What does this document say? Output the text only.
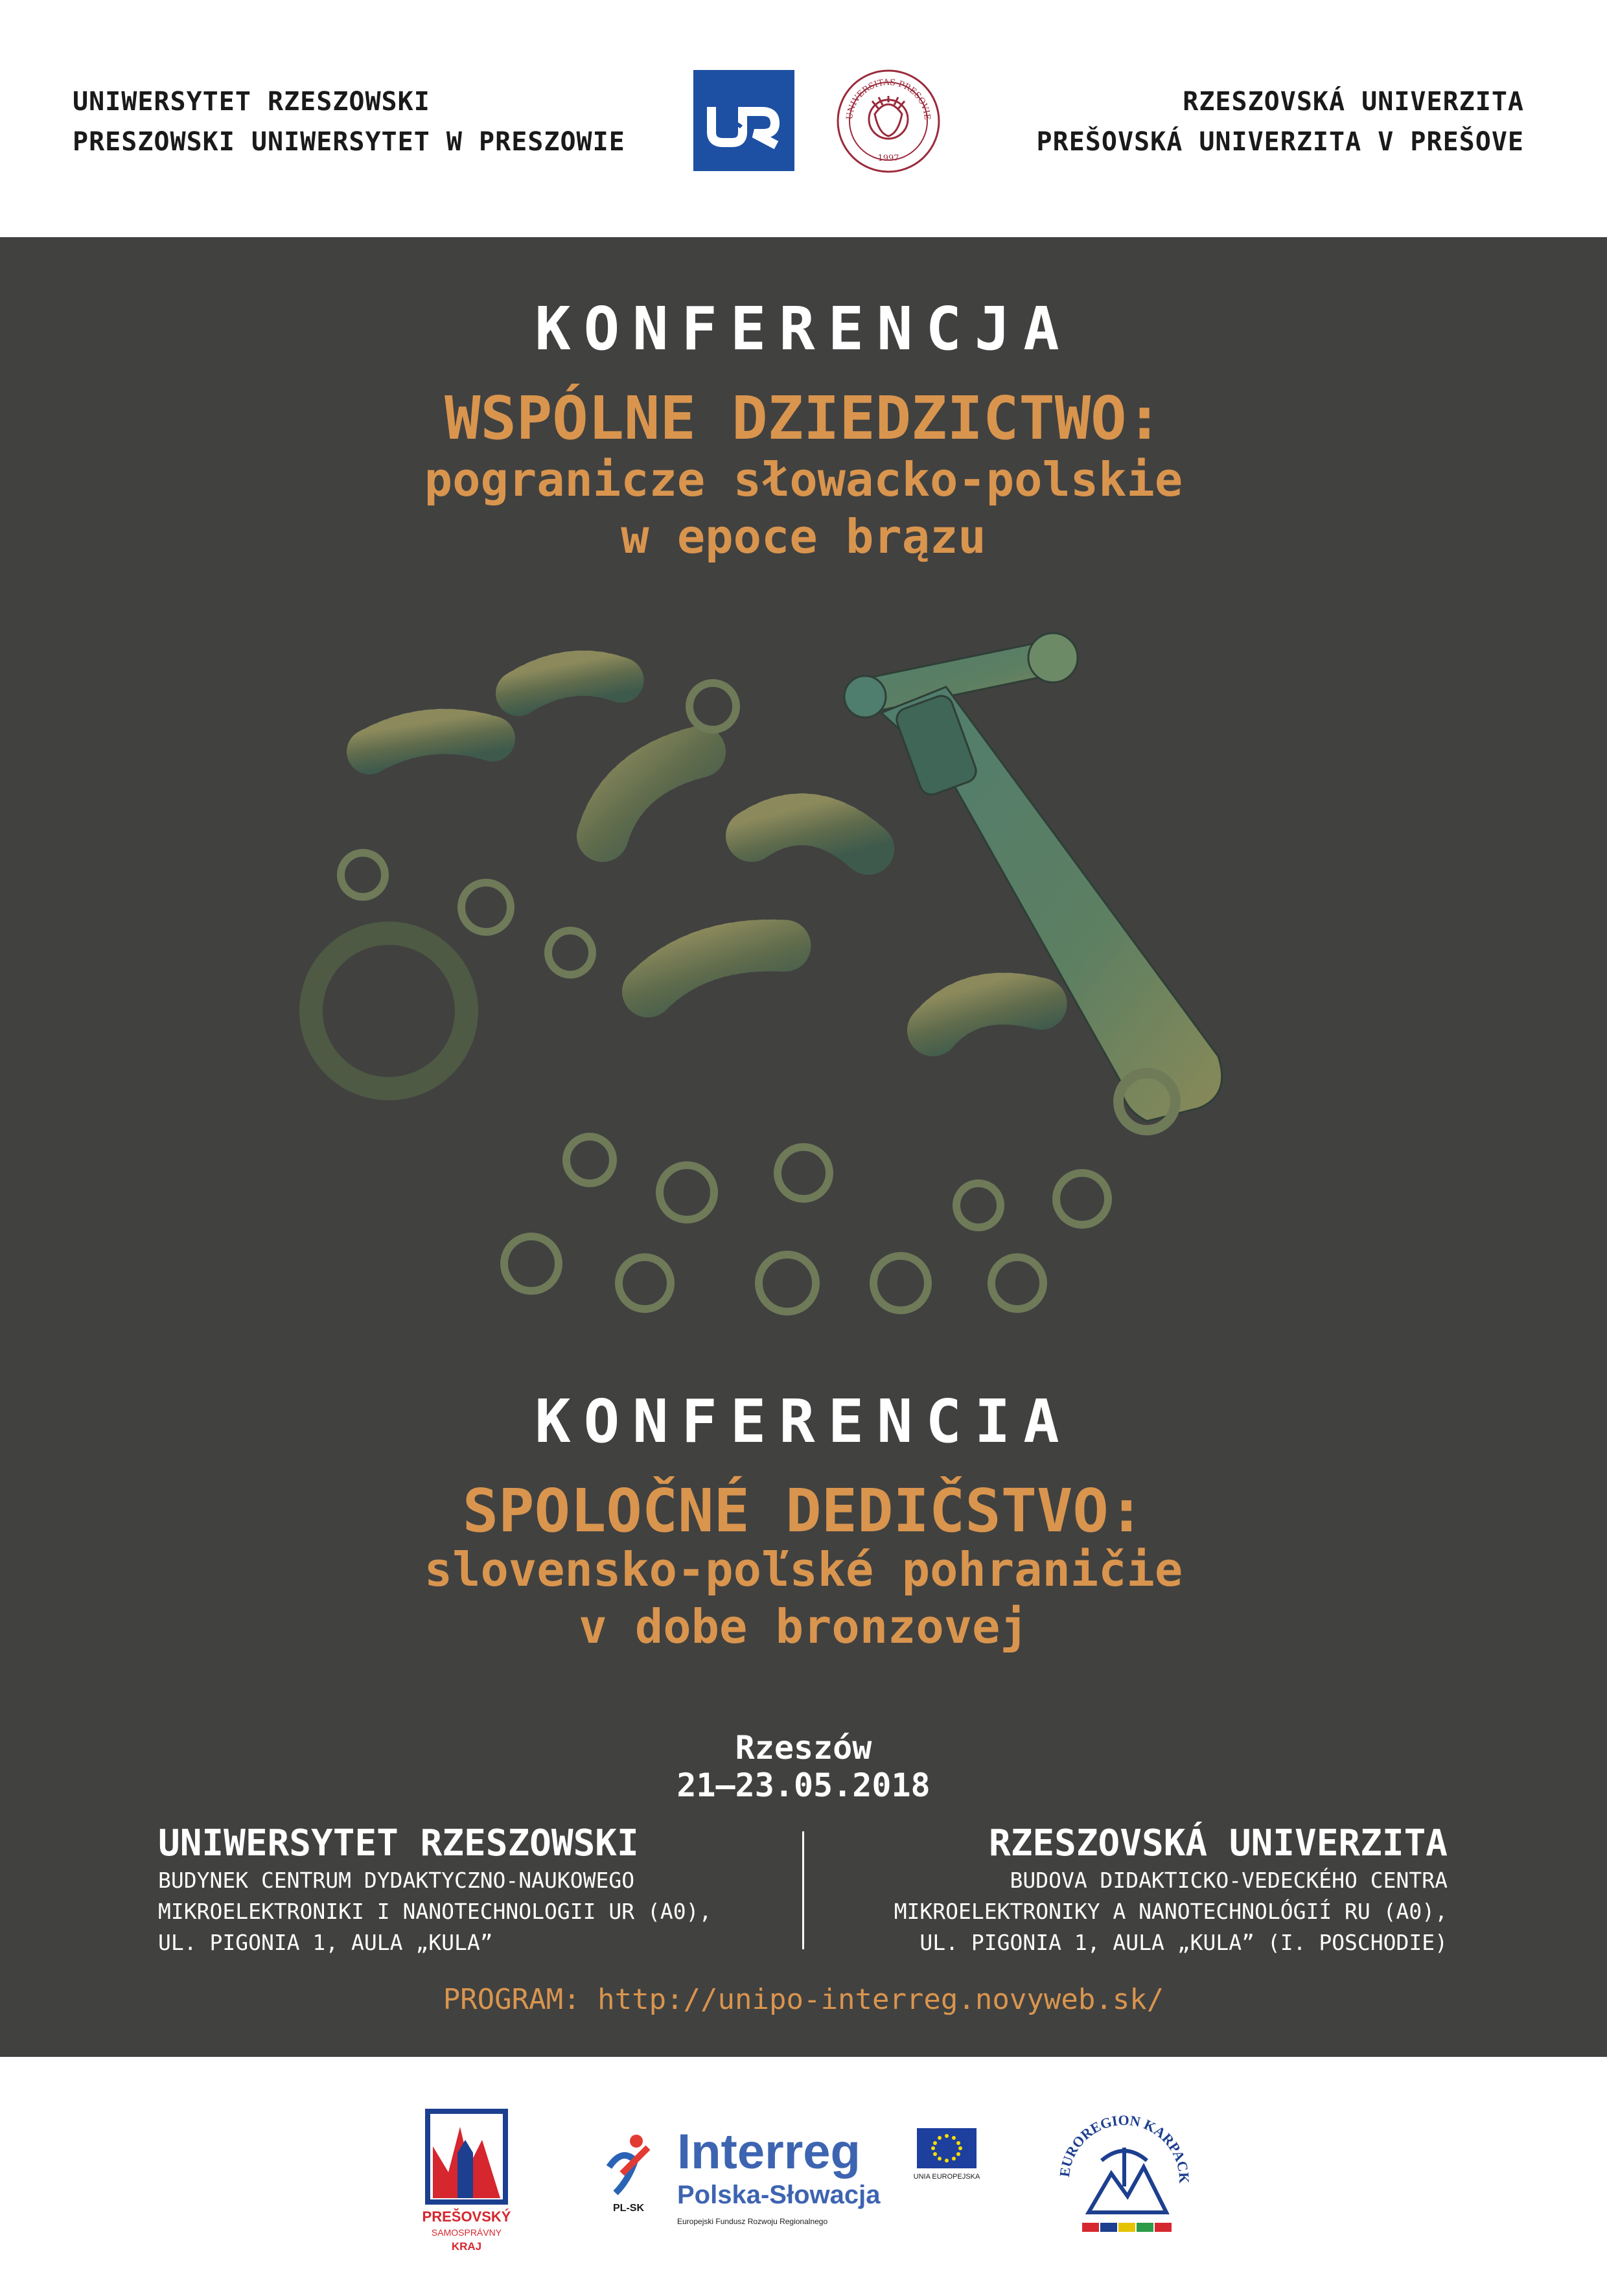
UNIWERSYTET RZESZOWSKI
PRESZOWSKI UNIWERSYTET W PRESZOWIE
UNIVERSITAS PRESOVIE
1997
RZESZOVSKÁ UNIVERZITA
PREŠOVSKÁ UNIVERZITA V PREŠOVE
KONFERENCJA
WSPÓLNE DZIEDZICTWO:
pogranicze słowacko-polskie
w epoce brązu
KONFERENCIA
SPOLOČNÉ DEDIČSTVO:
slovensko-poľské pohraničie
v dobe bronzovej
Rzeszów
21–23.05.2018
UNIWERSYTET RZESZOWSKI
BUDYNEK CENTRUM DYDAKTYCZNO-NAUKOWEGO
MIKROELEKTRONIKI I NANOTECHNOLOGII UR (A0),
UL. PIGONIA 1, AULA „KULA”
RZESZOVSKÁ UNIVERZITA
BUDOVA DIDAKTICKO-VEDECKÉHO CENTRA
MIKROELEKTRONIKY A NANOTECHNOLÓGIÍ RU (A0),
UL. PIGONIA 1, AULA „KULA” (I. POSCHODIE)
PROGRAM: http://unipo-interreg.novyweb.sk/
PREŠOVSKÝ
SAMOSPRÁVNY
KRAJ
PL-SK
Interreg
Polska-Słowacja
Europejski Fundusz Rozwoju Regionalnego
UNIA EUROPEJSKA	EUROREGION KARPACK
